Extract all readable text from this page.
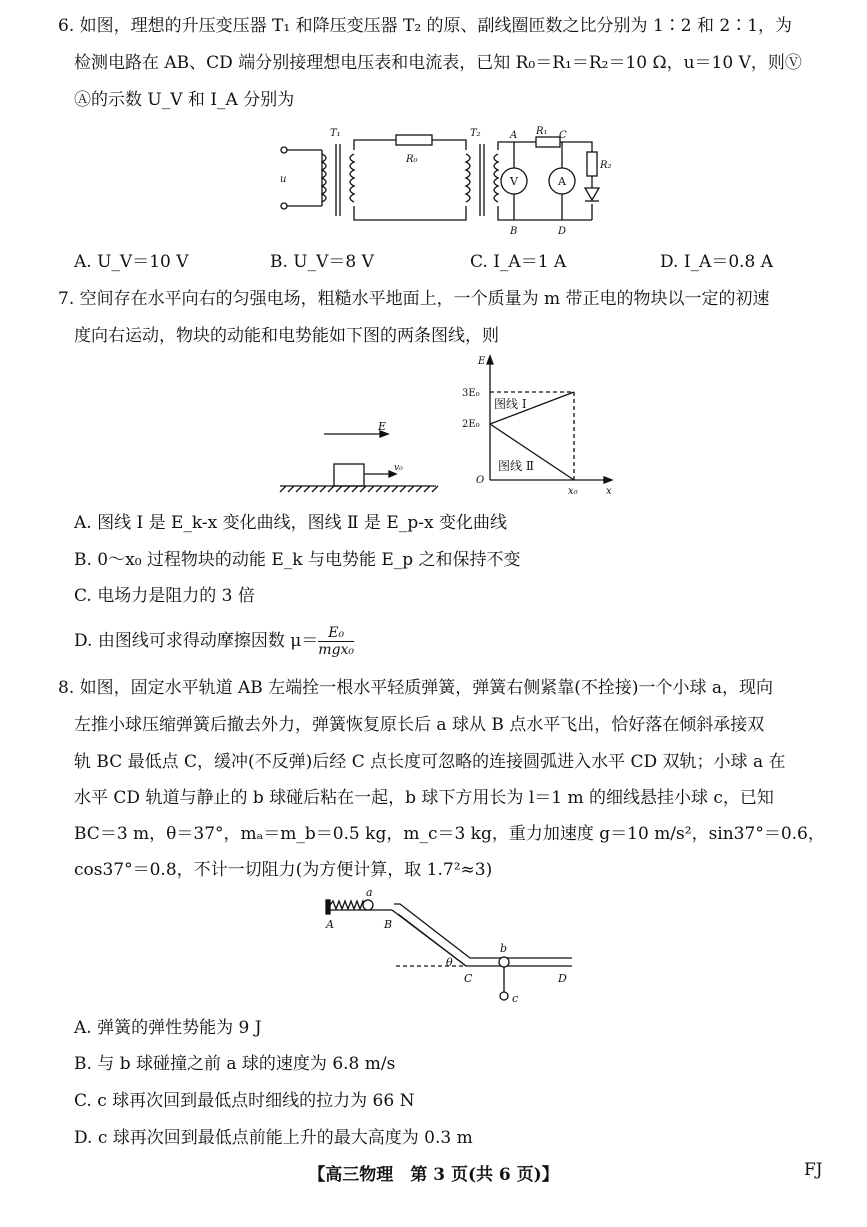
6. 如图，理想的升压变压器 T₁ 和降压变压器 T₂ 的原、副线圈匝数之比分别为 1∶2 和 2∶1，为
检测电路在 AB、CD 端分别接理想电压表和电流表，已知 R₀＝R₁＝R₂＝10 Ω，u＝10 V，则Ⓥ
Ⓐ的示数 U_V 和 I_A 分别为
T₁	T₂
R₀
R₁
R₂
u
A	C
B	D
V	A
A. U_V＝10 V	B. U_V＝8 V	C. I_A＝1 A	D. I_A＝0.8 A
7. 空间存在水平向右的匀强电场，粗糙水平地面上，一个质量为 m 带正电的物块以一定的初速
度向右运动，物块的动能和电势能如下图的两条图线，则
E
v₀
E
3E₀
2E₀
O
x₀	x
图线 Ⅰ
图线 Ⅱ
A. 图线 Ⅰ 是 E_k-x 变化曲线，图线 Ⅱ 是 E_p-x 变化曲线
B. 0～x₀ 过程物块的动能 E_k 与电势能 E_p 之和保持不变
C. 电场力是阻力的 3 倍
D. 由图线可求得动摩擦因数 $\mu= \frac{\text{E₀}}{\text{mgx₀}}$
8. 如图，固定水平轨道 AB 左端拴一根水平轻质弹簧，弹簧右侧紧靠(不拴接)一个小球 a，现向
左推小球压缩弹簧后撤去外力，弹簧恢复原长后 a 球从 B 点水平飞出，恰好落在倾斜承接双
轨 BC 最低点 C，缓冲(不反弹)后经 C 点长度可忽略的连接圆弧进入水平 CD 双轨；小球 a 在
水平 CD 轨道与静止的 b 球碰后粘在一起，b 球下方用长为 l＝1 m 的细线悬挂小球 c，已知
BC＝3 m，θ＝37°，mₐ＝m_b＝0.5 kg，m_c＝3 kg，重力加速度 g＝10 m/s²，sin37°＝0.6，
cos37°＝0.8，不计一切阻力(为方便计算，取 1.7²≈3)
a
A	B
θ
C
b
D
c
A. 弹簧的弹性势能为 9 J
B. 与 b 球碰撞之前 a 球的速度为 6.8 m/s
C. c 球再次回到最低点时细线的拉力为 66 N
D. c 球再次回到最低点前能上升的最大高度为 0.3 m
【高三物理　第 3 页(共 6 页)】	FJ
